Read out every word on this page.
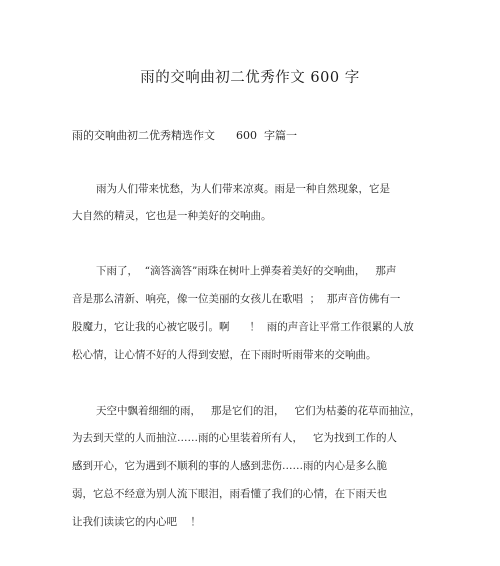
雨的交响曲初二优秀作文 600 字
雨的交响曲初二优秀精选作文      600  字篇一
雨为人们带来忧愁，为人们带来凉爽。雨是一种自然现象，它是
大自然的精灵，它也是一种美好的交响曲。
下雨了，  “滴答滴答”雨珠在树叶上弹奏着美好的交响曲，   那声
音是那么清新、响亮，像一位美丽的女孩儿在歌唱  ；  那声音仿佛有一
股魔力，它让我的心被它吸引。啊      ！  雨的声音让平常工作很累的人放
松心情，让心情不好的人得到安慰，在下雨时听雨带来的交响曲。
天空中飘着细细的雨，   那是它们的泪，   它们为枯萎的花草而抽泣，
为去到天堂的人而抽泣……雨的心里装着所有人，   它为找到工作的人
感到开心，它为遇到不顺利的事的人感到悲伤……雨的内心是多么脆
弱，它总不经意为别人流下眼泪，雨看懂了我们的心情，在下雨天也
让我们读读它的内心吧    ！
